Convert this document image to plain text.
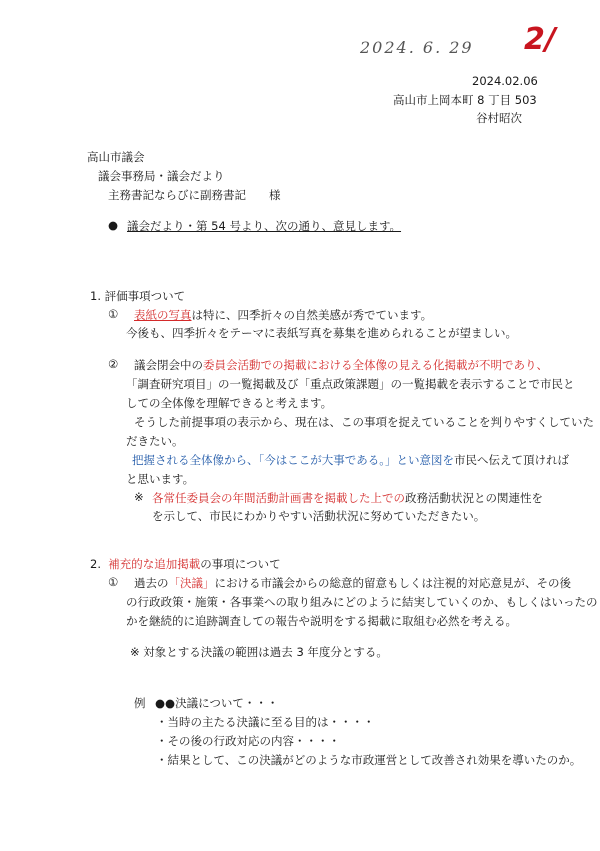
2024. 6. 29 2/
2024.02.06
高山市上岡本町 8 丁目 503
谷村昭次
高山市議会
議会事務局・議会だより
主務書記ならびに副務書記　　様
● 議会だより・第 54 号より、次の通り、意見します。
1. 評価事項ついて
① 表紙の写真は特に、四季折々の自然美感が秀でています。
今後も、四季折々をテーマに表紙写真を募集を進められることが望ましい。
② 議会閉会中の委員会活動での掲載における全体像の見える化掲載が不明であり、
「調査研究項目」の一覧掲載及び「重点政策課題」の一覧掲載を表示することで市民と
しての全体像を理解できると考えます。
そうした前提事項の表示から、現在は、この事項を捉えていることを判りやすくしていた
だきたい。
把握される全体像から、「今はここが大事である。」とい意図を市民へ伝えて頂ければ
と思います。
※ 各常任委員会の年間活動計画書を掲載した上での政務活動状況との関連性を
を示して、市民にわかりやすい活動状況に努めていただきたい。
2. 補充的な追加掲載の事項について
① 過去の「決議」における市議会からの総意的留意もしくは注視的対応意見が、その後
の行政政策・施策・各事業への取り組みにどのように結実していくのか、もしくはいったの
かを継続的に追跡調査しての報告や説明をする掲載に取組む必然を考える。
※ 対象とする決議の範囲は過去 3 年度分とする。
例 ●●決議について・・・
・当時の主たる決議に至る目的は・・・・
・その後の行政対応の内容・・・・
・結果として、この決議がどのような市政運営として改善され効果を導いたのか。
